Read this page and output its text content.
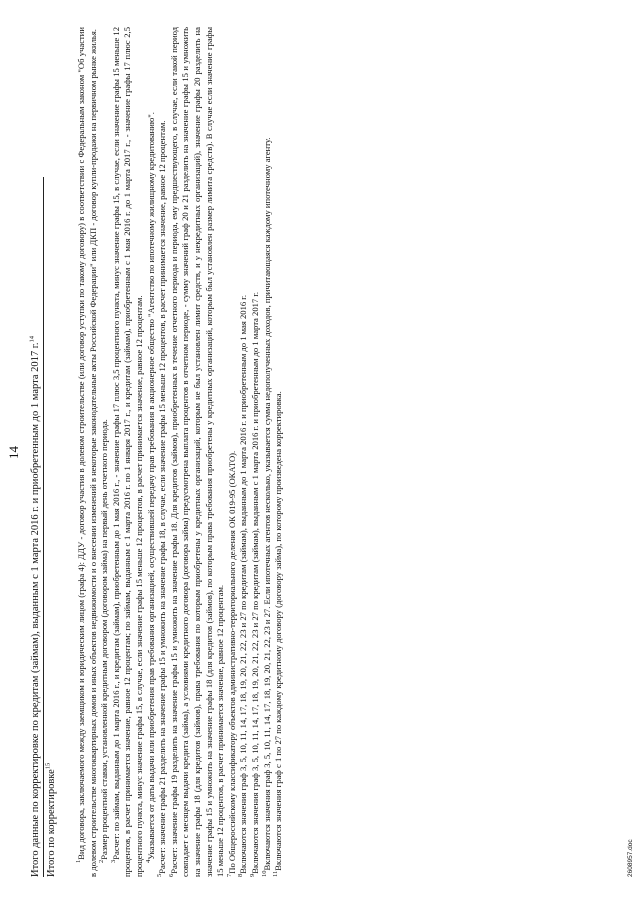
14 Итого данные по корректировке по кредитам (займам), выданным с 1 марта 2016 г. и приобретенным до 1 марта 2017 г.$^{14}$
Итого по корректировке$^{15}$

$^1$Вид договора, заключаемого между заемщиком и юридическим лицом (графа 4): ДДУ - договор участия в долевом строительстве (или договор уступки по такому договору) в соответствии с Федеральным законом "Об участии в долевом строительстве многоквартирных домов и иных объектов недвижимости и о внесении изменений в некоторые законодательные акты Российской Федерации" или ДКП - договор купли-продажи на первичном рынке жилья. $^2$Размер процентной ставки, установленной кредитным договором (договором займа) на первый день отчетного периода.

$^3$Расчет: по займам, выданным до 1 марта 2016 г., и кредитам (займам), приобретенным до 1 мая 2016 г., - значение графы 17 плюс 3,5 процентного пункта, минус значение графы 15, в случае, если значение графы 15 меньше 12 процентов, в расчет принимается значение, равное 12 процентам; по займам, выданным с 1 марта 2016 г. по 1 января 2017 г., и кредитам (займам), приобретенным с 1 мая 2016 г. до 1 марта 2017 г., - значение графы 17 плюс 2,5 процентного пункта, минус значение графы 15, в случае, если значение графы 15 меньше 12 процентов, в расчет принимается значение, равное 12 процентам. $^4$Указывается от даты выдачи или приобретения прав требования организацией, осуществившей передачу прав требования в акционерное общество "Агентство по ипотечному жилищному кредитованию".

$^5$Расчет: значение графы 21 разделить на значение графы 15 и умножить на значение графы 18, в случае, если значение графы 15 меньше 12 процентов, в расчет принимается значение, равное 12 процентам.

$^6$Расчет: значение графы 19 разделить на значение графы 15 и умножить на значение графы 18. Для кредитов (займов), приобретенных в течение отчетного периода и периода, ему предшествующего, в случае, если такой период совпадает с месяцем выдачи кредита (займа), а условиями кредитного договора (договора займа) предусмотрена выплата процентов в отчетном периоде, - сумму значений граф 20 и 21 разделить на значение графы 15 и умножить на значение графы 18 (для кредитов (займов), права требования по которым приобретены у кредитных организаций, которым не был установлен лимит средств, и у некредитных организаций), значение графы 20 разделить на значение графы 15 и умножить на значение графы 18 (для кредитов (займов), по которым права требования приобретены у кредитных организаций, которым был установлен размер лимита средств). В случае если значение графы 15 меньше 12 процентов, в расчет принимается значение, равное 12 процентам. $^7$По Общероссийскому классификатору объектов административно-территориального деления ОК 019-95 (ОКАТО).

$^8$Включаются значения граф 3, 5, 10, 11, 14, 17, 18, 19, 20, 21, 22, 23 и 27 по кредитам (займам), выданным до 1 марта 2016 г. и приобретенным до 1 мая 2016 г.

$^9$Включаются значения граф 3, 5, 10, 11, 14, 17, 18, 19, 20, 21, 22, 23 и 27 по кредитам (займам), выданным с 1 марта 2016 г. и приобретенным до 1 марта 2017 г. $^{10}$Включаются значения граф 3, 5, 10, 11, 14, 17, 18, 19, 20, 21, 22, 23 и 27. Если ипотечных агентов несколько, указывается сумма недополученных доходов, причитающаяся каждому ипотечному агенту.

$^{11}$Включаются значения граф с 1 по 27 по каждому кредитному договору (договору займа), по которому произведена корректировка.	2608957.doc
